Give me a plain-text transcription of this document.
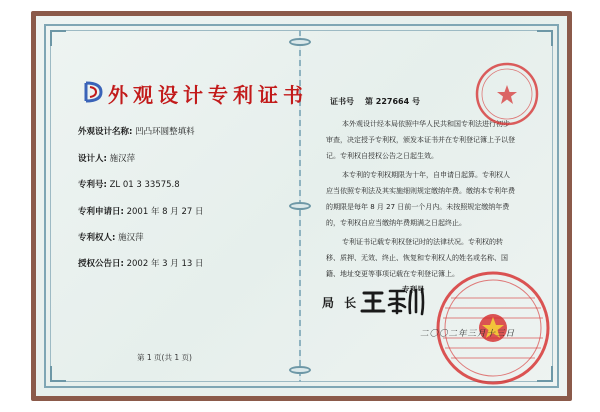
外观设计专利证书
外观设计名称: 凹凸环圆整填料
设计人: 施汉萍
专利号: ZL 01 3 33575.8
专利申请日: 2001 年 8 月 27 日
专利权人: 施汉萍
授权公告日: 2002 年 3 月 13 日
第 1 页(共 1 页)
证书号 第 227664 号

本外观设计经本局依照中华人民共和国专利法进行初步审查，决定授予专利权，颁发本证书并在专利登记簿上予以登记。专利权自授权公告之日起生效。

本专利的专利权期限为十年，自申请日起算。专利权人应当依照专利法及其实施细则规定缴纳年费。缴纳本专利年费的期限是每年 8 月 27 日前一个月内。未按照规定缴纳年费的，专利权自应当缴纳年费期满之日起终止。

专利证书记载专利权登记时的法律状况。专利权的转移、质押、无效、终止、恢复和专利权人的姓名或名称、国籍、地址变更等事项记载在专利登记簿上。

专利号
局 长
二〇〇二年三月十三日
